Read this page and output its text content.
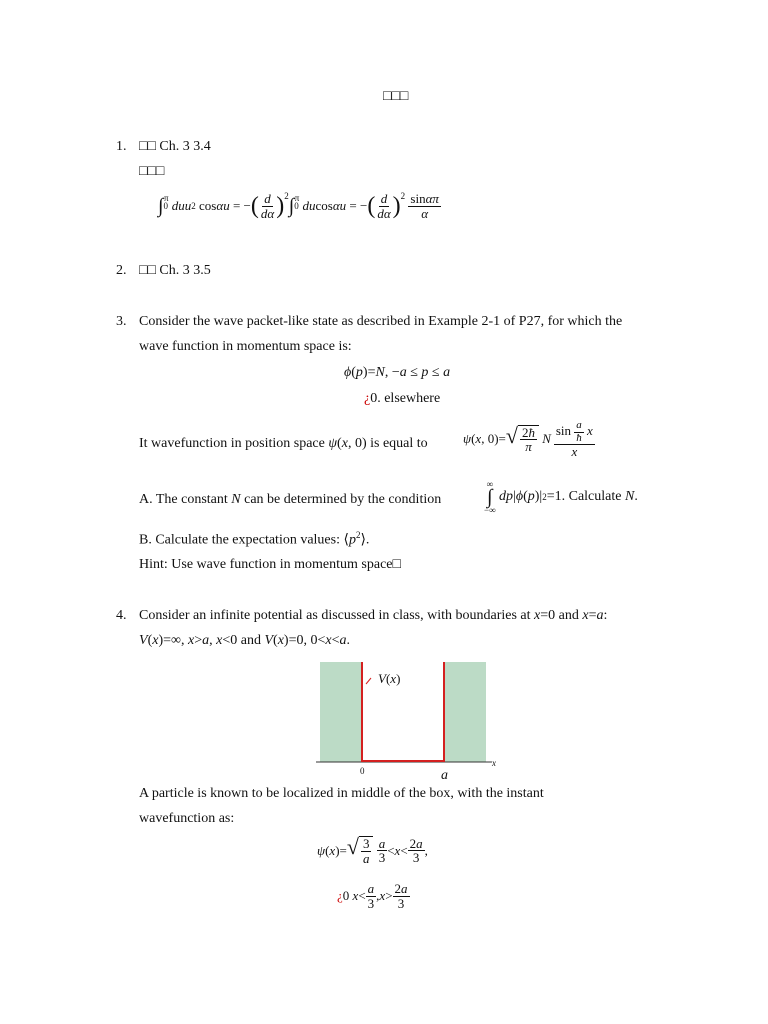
□□□
1. □□ Ch. 3 3.4
□□□
∫ 0
$^\pi$ duu 2 cos αu = − ( $\frac{d}{d\alpha} )^2$ ∫ 0
$^\pi$ du cos αu = − ( $\frac{d}{d\alpha} )^2$
$\frac{\sin\alpha\pi}{\alpha}$
2. □□ Ch. 3 3.5
3. Consider the wave packet-like state as described in Example 2-1 of P27, for which the
wave function in momentum space is:
ϕ(p)=N, −a ≤ p ≤ a
¿0. elsewhere
It wavefunction in position space ψ(x, 0) is equal to	ψ ( x , 0)= √ $\frac{2ħ}{\pi}$ N $\frac{\sin \frac{a}{ħ} x}{x}$
A. The constant
N
can be determined by the condition
∞
∫
−∞
dp | ϕ ( p )| 2 =1 . Calculate
N .
B. Calculate the expectation values: $⟨p^2⟩$.
Hint: Use wave function in momentum space□
4. Consider an infinite potential as discussed in class, with boundaries at x=0 and x=a:
V(x)=∞, x>a, x<0 and V(x)=0, 0<x<a.
V(x)
0
x
a
A particle is known to be localized in middle of the box, with the instant
wavefunction as:
ψ ( x )= √ $\frac{3}{a}$
$\frac{a}{3} < x < \frac{2a}{3}$ ,
¿ 0 $x < \frac{a}{3}$ , $x > \frac{2a}{3}$
